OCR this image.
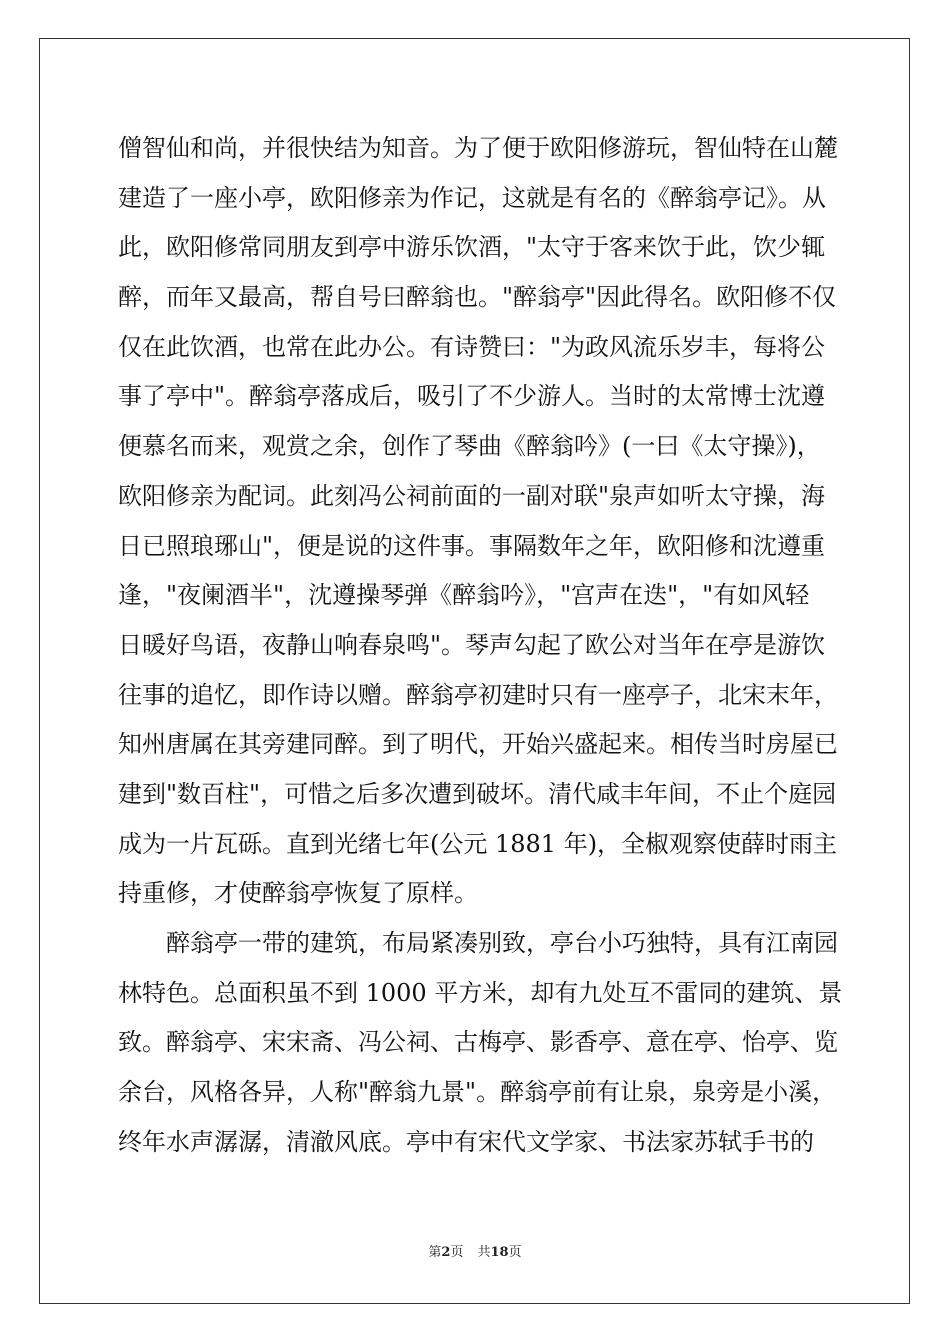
僧智仙和尚，并很快结为知音。为了便于欧阳修游玩，智仙特在山麓
建造了一座小亭，欧阳修亲为作记，这就是有名的《醉翁亭记》。从
此，欧阳修常同朋友到亭中游乐饮酒，"太守于客来饮于此，饮少辄
醉，而年又最高，帮自号曰醉翁也。"醉翁亭"因此得名。欧阳修不仅
仅在此饮酒，也常在此办公。有诗赞曰："为政风流乐岁丰，每将公
事了亭中"。醉翁亭落成后，吸引了不少游人。当时的太常博士沈遵
便慕名而来，观赏之余，创作了琴曲《醉翁吟》(一曰《太守操》)，
欧阳修亲为配词。此刻冯公祠前面的一副对联"泉声如听太守操，海
日已照琅琊山"，便是说的这件事。事隔数年之年，欧阳修和沈遵重
逢，"夜阑酒半"，沈遵操琴弹《醉翁吟》，"宫声在迭"，"有如风轻
日暖好鸟语，夜静山响春泉鸣"。琴声勾起了欧公对当年在亭是游饮
往事的追忆，即作诗以赠。醉翁亭初建时只有一座亭子，北宋末年，
知州唐属在其旁建同醉。到了明代，开始兴盛起来。相传当时房屋已
建到"数百柱"，可惜之后多次遭到破坏。清代咸丰年间，不止个庭园
成为一片瓦砾。直到光绪七年(公元 1881 年)，全椒观察使薛时雨主
持重修，才使醉翁亭恢复了原样。
醉翁亭一带的建筑，布局紧凑别致，亭台小巧独特，具有江南园
林特色。总面积虽不到 1000 平方米，却有九处互不雷同的建筑、景
致。醉翁亭、宋宋斋、冯公祠、古梅亭、影香亭、意在亭、怡亭、览
余台，风格各异，人称"醉翁九景"。醉翁亭前有让泉，泉旁是小溪，
终年水声潺潺，清澈风底。亭中有宋代文学家、书法家苏轼手书的
第2页 共18页
